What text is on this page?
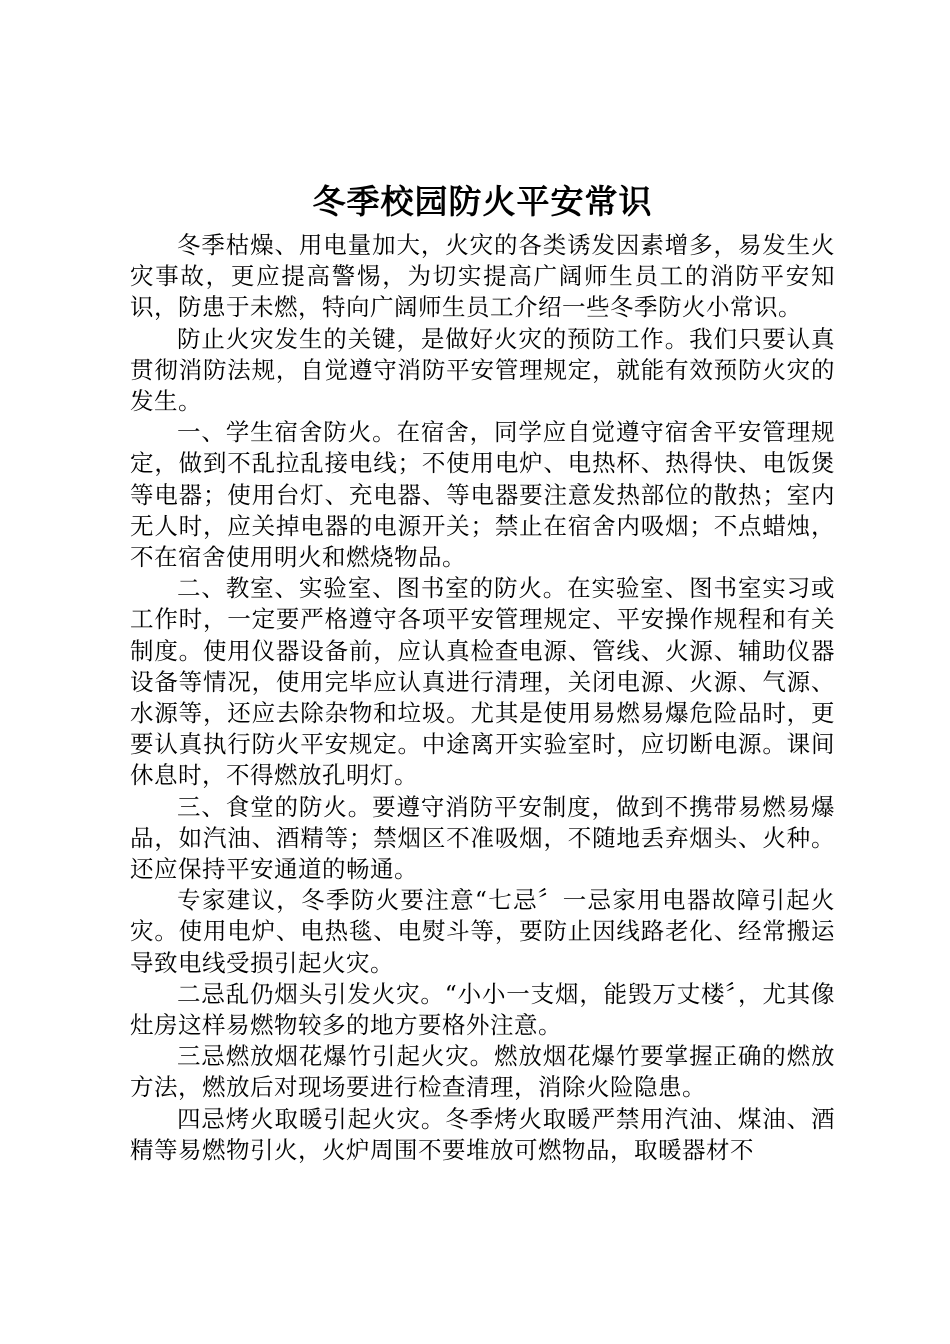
冬季校园防火平安常识

冬季枯燥、用电量加大，火灾的各类诱发因素增多，易发生火灾事故，更应提高警惕，为切实提高广阔师生员工的消防平安知识，防患于未燃，特向广阔师生员工介绍一些冬季防火小常识。

防止火灾发生的关键，是做好火灾的预防工作。我们只要认真贯彻消防法规，自觉遵守消防平安管理规定，就能有效预防火灾的发生。

一、学生宿舍防火。在宿舍，同学应自觉遵守宿舍平安管理规定，做到不乱拉乱接电线；不使用电炉、电热杯、热得快、电饭煲等电器；使用台灯、充电器、等电器要注意发热部位的散热；室内无人时，应关掉电器的电源开关；禁止在宿舍内吸烟；不点蜡烛，不在宿舍使用明火和燃烧物品。

二、教室、实验室、图书室的防火。在实验室、图书室实习或工作时，一定要严格遵守各项平安管理规定、平安操作规程和有关制度。使用仪器设备前，应认真检查电源、管线、火源、辅助仪器设备等情况，使用完毕应认真进行清理，关闭电源、火源、气源、水源等，还应去除杂物和垃圾。尤其是使用易燃易爆危险品时，更要认真执行防火平安规定。中途离开实验室时，应切断电源。课间休息时，不得燃放孔明灯。

三、食堂的防火。要遵守消防平安制度，做到不携带易燃易爆品，如汽油、酒精等；禁烟区不准吸烟，不随地丢弃烟头、火种。还应保持平安通道的畅通。

专家建议，冬季防火要注意“七忌〞一忌家用电器故障引起火灾。使用电炉、电热毯、电熨斗等，要防止因线路老化、经常搬运导致电线受损引起火灾。

二忌乱仍烟头引发火灾。“小小一支烟，能毁万丈楼〞，尤其像灶房这样易燃物较多的地方要格外注意。

三忌燃放烟花爆竹引起火灾。燃放烟花爆竹要掌握正确的燃放方法，燃放后对现场要进行检查清理，消除火险隐患。

四忌烤火取暖引起火灾。冬季烤火取暖严禁用汽油、煤油、酒精等易燃物引火，火炉周围不要堆放可燃物品，取暖器材不
